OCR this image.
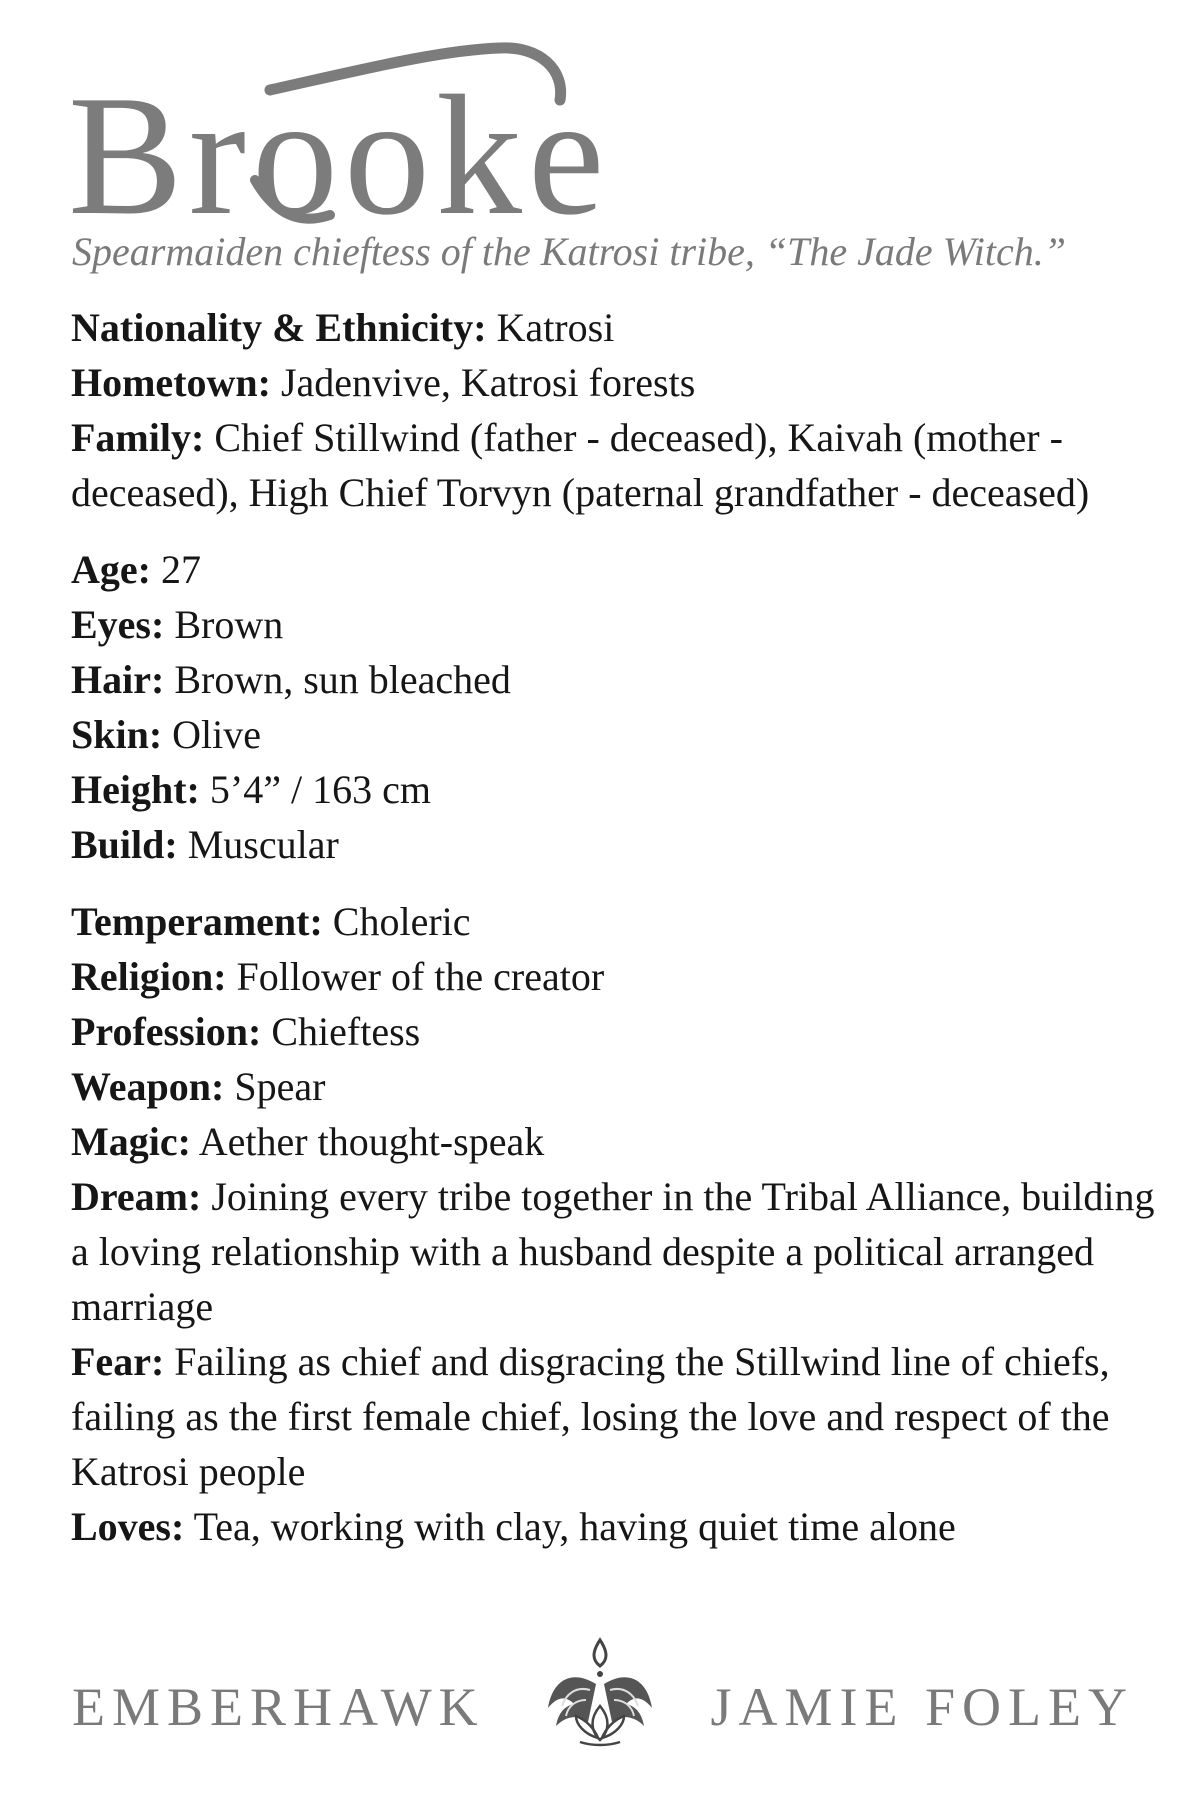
Brooke

Spearmaiden chieftess of the Katrosi tribe, “The Jade Witch.”

Nationality & Ethnicity: Katrosi

Hometown: Jadenvive, Katrosi forests

Family: Chief Stillwind (father - deceased), Kaivah (mother - deceased), High Chief Torvyn (paternal grandfather - deceased)

Age: 27

Eyes: Brown

Hair: Brown, sun bleached

Skin: Olive

Height: 5’4” / 163 cm

Build: Muscular

Temperament: Choleric

Religion: Follower of the creator

Profession: Chieftess

Weapon: Spear

Magic: Aether thought-speak

Dream: Joining every tribe together in the Tribal Alliance, building a loving relationship with a husband despite a political arranged marriage

Fear: Failing as chief and disgracing the Stillwind line of chiefs, failing as the first female chief, losing the love and respect of the Katrosi people

Loves: Tea, working with clay, having quiet time alone

EMBERHAWK	JAMIE FOLEY
